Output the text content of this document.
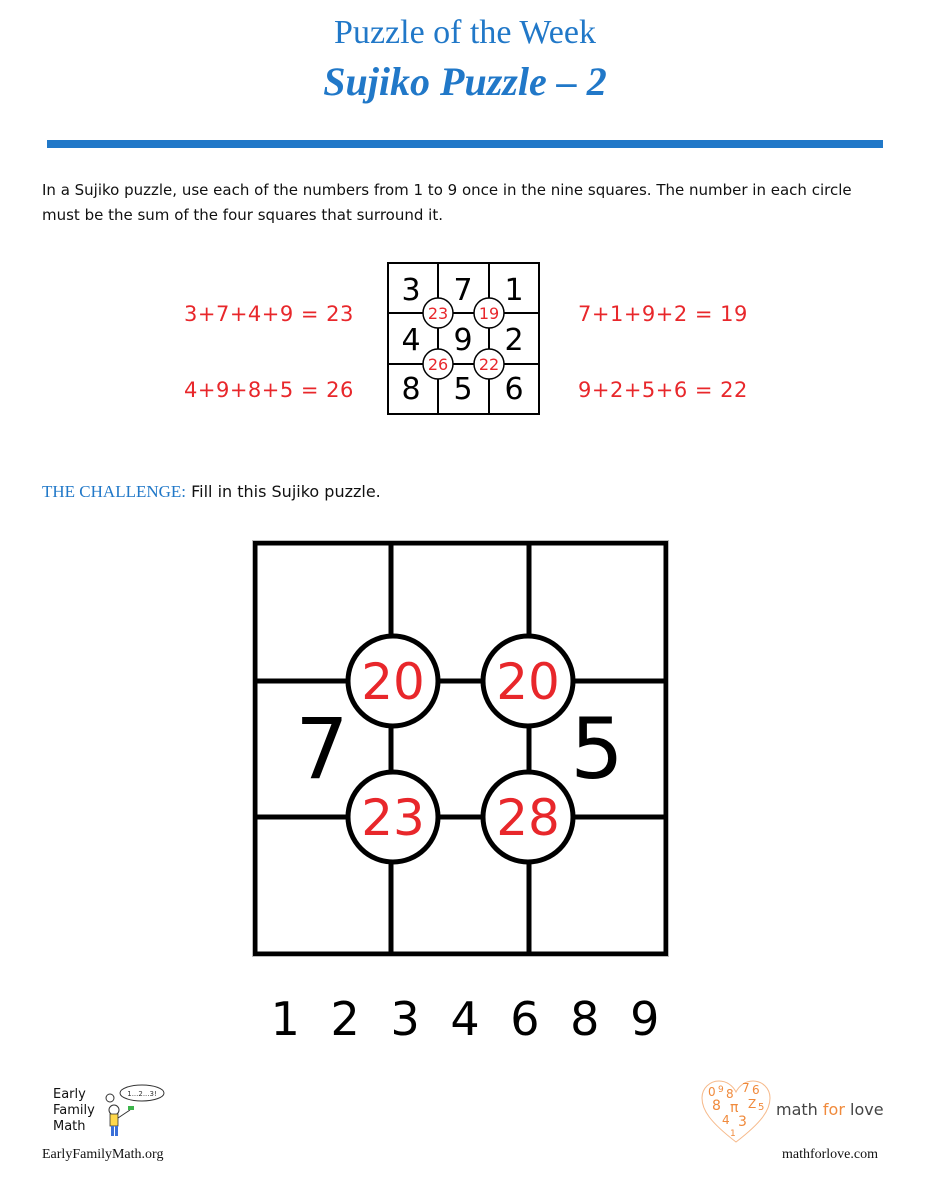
Puzzle of the Week
Sujiko Puzzle – 2
In a Sujiko puzzle, use each of the numbers from 1 to 9 once in the nine squares. The number in each circle must be the sum of the four squares that surround it.
3+7+4+9 = 23
4+9+8+5 = 26
7+1+9+2 = 19
9+2+5+6 = 22
3 7 1
4 9 2
8 5 6
23 19
26 22
THE CHALLENGE: Fill in this Sujiko puzzle.
7	5
20 20
23 28
1 2 3 4 6 8 9
Early
Family
Math
1...2...3!
EarlyFamilyMath.org
0 9 8 7 6
8 π Z 5
4 3
1
math for love
mathforlove.com
